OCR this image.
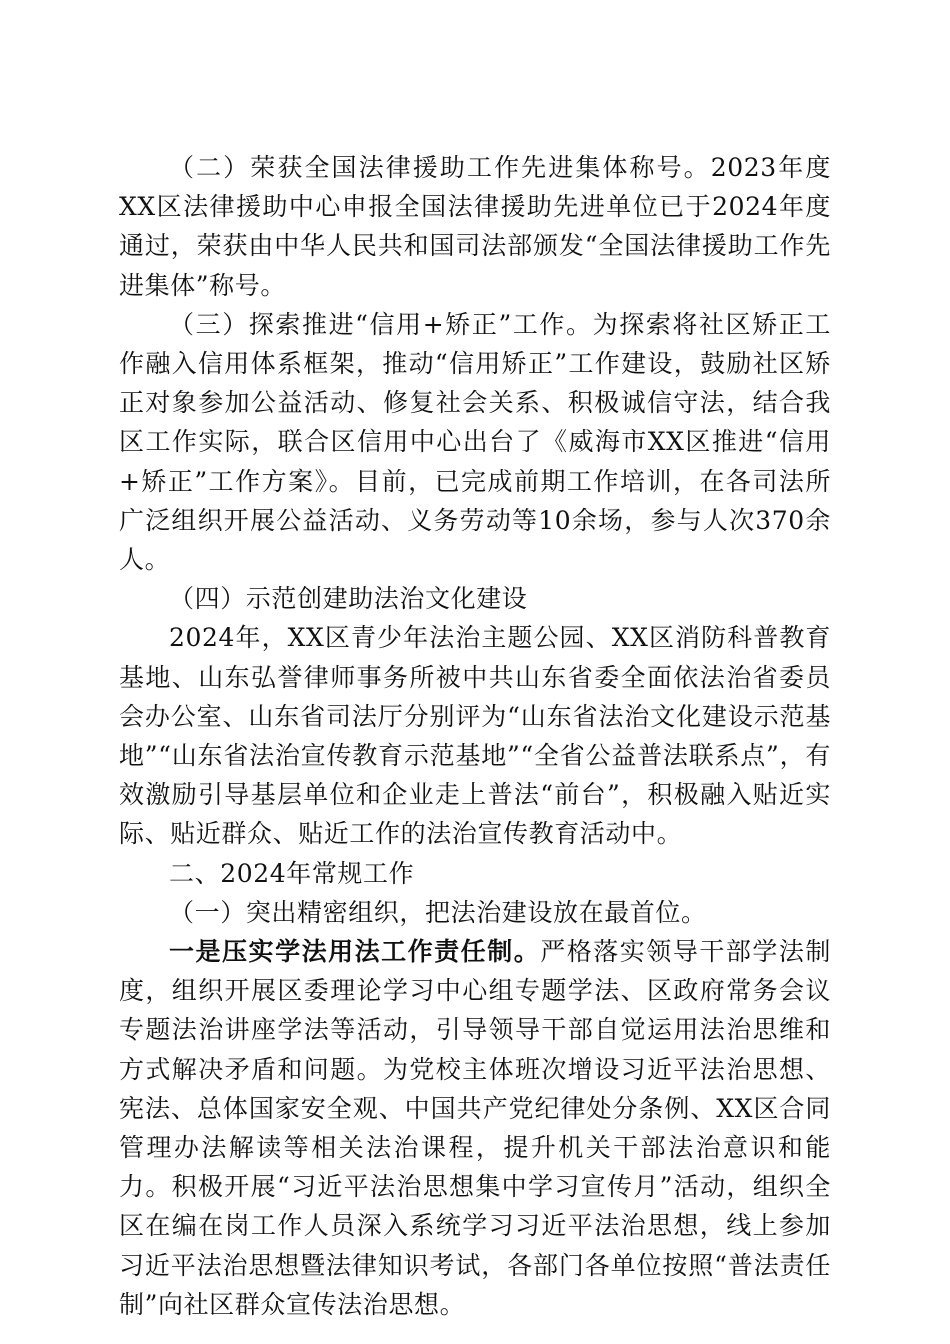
（二）荣获全国法律援助工作先进集体称号。2023年度XX区法律援助中心申报全国法律援助先进单位已于2024年度通过，荣获由中华人民共和国司法部颁发“全国法律援助工作先进集体”称号。

（三）探索推进“信用+矫正”工作。为探索将社区矫正工作融入信用体系框架，推动“信用矫正”工作建设，鼓励社区矫正对象参加公益活动、修复社会关系、积极诚信守法，结合我区工作实际，联合区信用中心出台了《威海市XX区推进“信用+矫正”工作方案》。目前，已完成前期工作培训，在各司法所广泛组织开展公益活动、义务劳动等10余场，参与人次370余人。

（四）示范创建助法治文化建设

2024年，XX区青少年法治主题公园、XX区消防科普教育基地、山东弘誉律师事务所被中共山东省委全面依法治省委员会办公室、山东省司法厅分别评为“山东省法治文化建设示范基地”“山东省法治宣传教育示范基地”“全省公益普法联系点”，有效激励引导基层单位和企业走上普法“前台”，积极融入贴近实际、贴近群众、贴近工作的法治宣传教育活动中。

二、2024年常规工作

（一）突出精密组织，把法治建设放在最首位。

一是压实学法用法工作责任制。严格落实领导干部学法制度，组织开展区委理论学习中心组专题学法、区政府常务会议专题法治讲座学法等活动，引导领导干部自觉运用法治思维和方式解决矛盾和问题。为党校主体班次增设习近平法治思想、宪法、总体国家安全观、中国共产党纪律处分条例、XX区合同管理办法解读等相关法治课程，提升机关干部法治意识和能力。积极开展“习近平法治思想集中学习宣传月”活动，组织全区在编在岗工作人员深入系统学习习近平法治思想，线上参加习近平法治思想暨法律知识考试，各部门各单位按照“普法责任制”向社区群众宣传法治思想。
